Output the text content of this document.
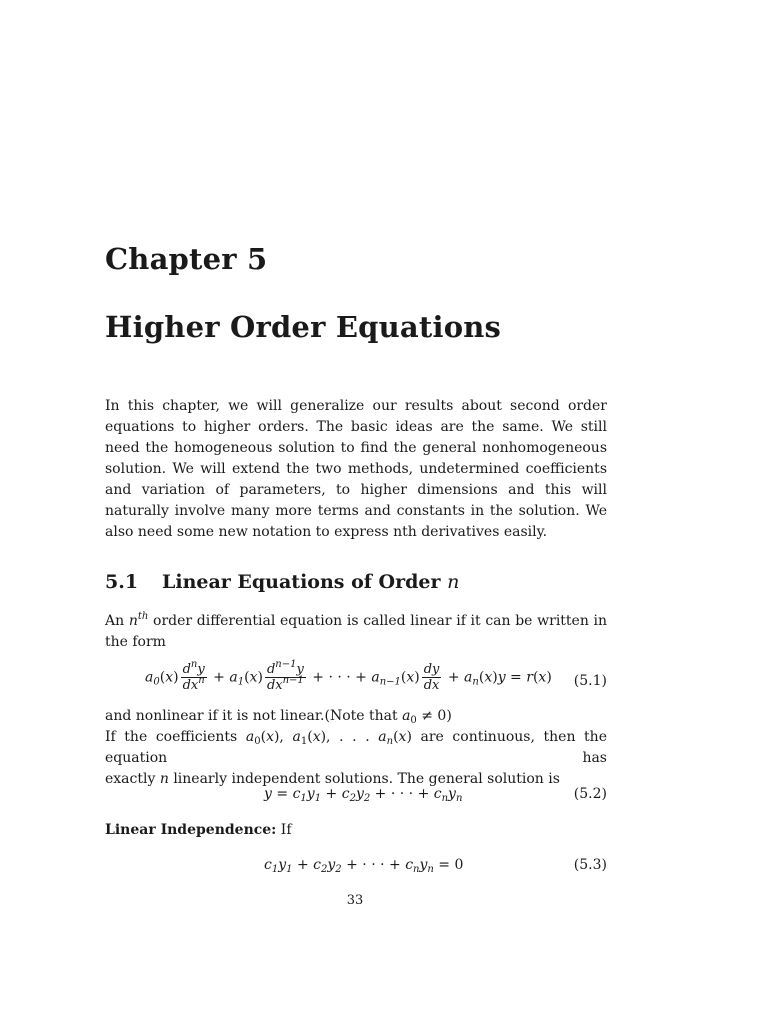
Chapter 5
Higher Order Equations
In this chapter, we will generalize our results about second order equations to higher orders. The basic ideas are the same. We still need the homogeneous solution to find the general nonhomogeneous solution. We will extend the two methods, undetermined coefficients and variation of parameters, to higher dimensions and this will naturally involve many more terms and constants in the solution. We also need some new notation to express nth derivatives easily.
5.1 Linear Equations of Order n
An $n^{th}$ order differential equation is called linear if it can be written in the form
$a_0(x) \frac{d^ny}{dx^n} + a_1(x) \frac{d^{n-1}y}{dx^{n-1}}$ + · · · + $a_{n-1}(x) \frac{dy}{dx} + a_n(x)y = r(x)$ (5.1)
and nonlinear if it is not linear.(Note that $a_0 \ne 0$)
If the coefficients $a_0(x)$, $a_1(x)$, . . . $a_n(x)$ are continuous, then the equation has
exactly n linearly independent solutions. The general solution is
$y = c_1y_1 + c_2y_2$ + · · · + $c_ny_n$	(5.2)
Linear Independence: If
$c_1y_1 + c_2y_2$ + · · · + $c_ny_n = 0$	(5.3)
33
